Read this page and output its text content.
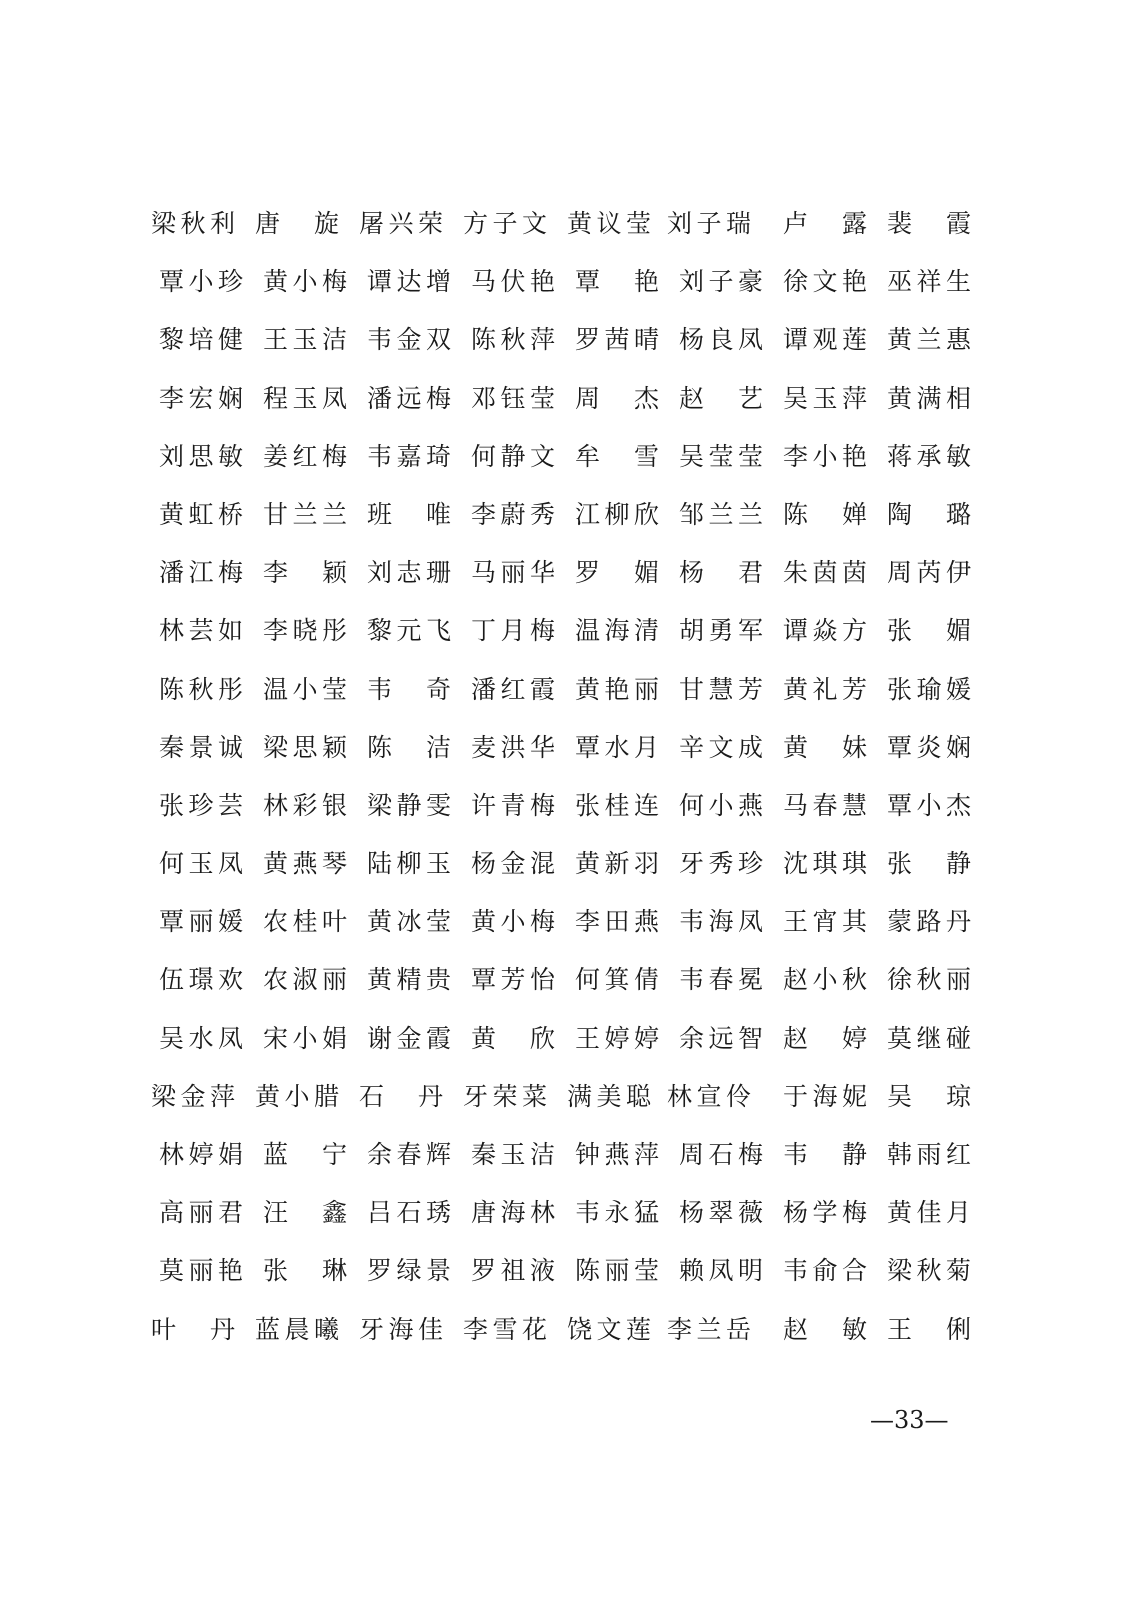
梁 秋 利 唐 旋 屠 兴 荣 方 子 文 黄 议 莹 刘 子 瑞 卢 露 裴 霞
覃 小 珍 黄 小 梅 谭 达 增 马 伏 艳 覃 艳 刘 子 豪 徐 文 艳 巫 祥 生
黎 培 健 王 玉 洁 韦 金 双 陈 秋 萍 罗 茜 晴 杨 良 凤 谭 观 莲 黄 兰 惠
李 宏 娴 程 玉 凤 潘 远 梅 邓 钰 莹 周 杰 赵 艺 吴 玉 萍 黄 满 相
刘 思 敏 姜 红 梅 韦 嘉 琦 何 静 文 牟 雪 吴 莹 莹 李 小 艳 蒋 承 敏
黄 虹 桥 甘 兰 兰 班 唯 李 蔚 秀 江 柳 欣 邹 兰 兰 陈 婵 陶 璐
潘 江 梅 李 颖 刘 志 珊 马 丽 华 罗 媚 杨 君 朱 茵 茵 周 芮 伊
林 芸 如 李 晓 彤 黎 元 飞 丁 月 梅 温 海 清 胡 勇 军 谭 焱 方 张 媚
陈 秋 彤 温 小 莹 韦 奇 潘 红 霞 黄 艳 丽 甘 慧 芳 黄 礼 芳 张 瑜 媛
秦 景 诚 梁 思 颖 陈 洁 麦 洪 华 覃 水 月 辛 文 成 黄 妹 覃 炎 娴
张 珍 芸 林 彩 银 梁 静 雯 许 青 梅 张 桂 连 何 小 燕 马 春 慧 覃 小 杰
何 玉 凤 黄 燕 琴 陆 柳 玉 杨 金 混 黄 新 羽 牙 秀 珍 沈 琪 琪 张 静
覃 丽 媛 农 桂 叶 黄 冰 莹 黄 小 梅 李 田 燕 韦 海 凤 王 宵 其 蒙 路 丹
伍 璟 欢 农 淑 丽 黄 精 贵 覃 芳 怡 何 箕 倩 韦 春 冕 赵 小 秋 徐 秋 丽
吴 水 凤 宋 小 娟 谢 金 霞 黄 欣 王 婷 婷 余 远 智 赵 婷 莫 继 碰
梁 金 萍 黄 小 腊 石 丹 牙 荣 菜 满 美 聪 林 宣 伶 于 海 妮 吴 琼
林 婷 娟 蓝 宁 余 春 辉 秦 玉 洁 钟 燕 萍 周 石 梅 韦 静 韩 雨 红
高 丽 君 汪 鑫 吕 石 琇 唐 海 林 韦 永 猛 杨 翠 薇 杨 学 梅 黄 佳 月
莫 丽 艳 张 琳 罗 绿 景 罗 祖 液 陈 丽 莹 赖 凤 明 韦 俞 合 梁 秋 菊
叶 丹 蓝 晨 曦 牙 海 佳 李 雪 花 饶 文 莲 李 兰 岳 赵 敏 王 俐
—33—
